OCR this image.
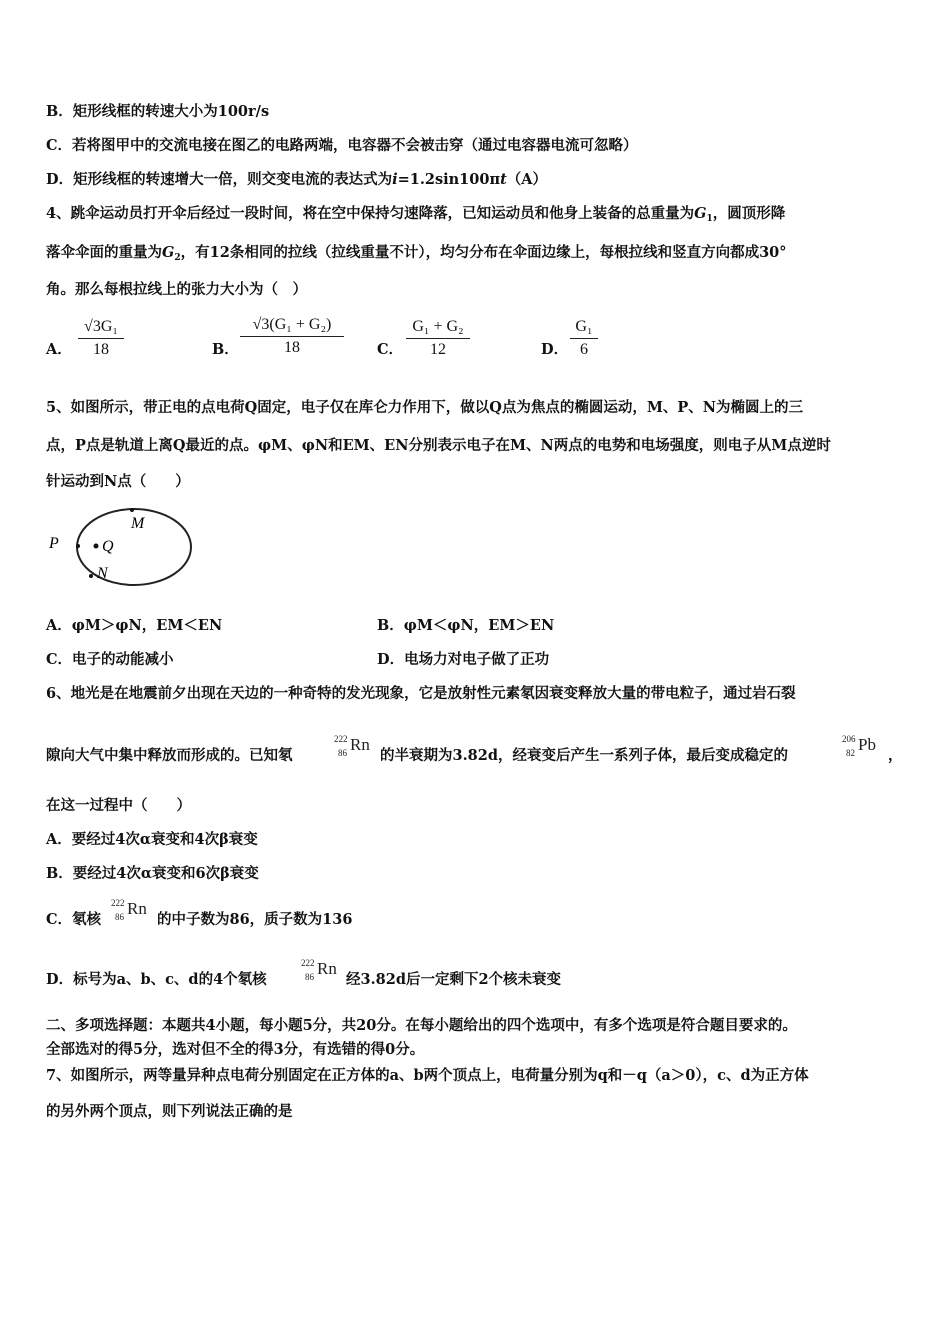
B．矩形线框的转速大小为100r/s
C．若将图甲中的交流电接在图乙的电路两端，电容器不会被击穿（通过电容器电流可忽略）
D．矩形线框的转速增大一倍，则交变电流的表达式为i=1.2sin100πt（A）
4、跳伞运动员打开伞后经过一段时间，将在空中保持匀速降落，已知运动员和他身上装备的总重量为$G_1$，圆顶形降
落伞伞面的重量为$G_2$，有12条相同的拉线（拉线重量不计），均匀分布在伞面边缘上，每根拉线和竖直方向都成30°
角。那么每根拉线上的张力大小为（　）
A． $\frac{\text{√3G₁}}{18}$	B． $\frac{\text{√3(G₁ + G₂)}}{18}$ C． $\frac{\text{G₁ + G₂}}{12}$	D． $\frac{\text{G₁}}{6}$
5、如图所示，带正电的点电荷Q固定，电子仅在库仑力作用下，做以Q点为焦点的椭圆运动，M、P、N为椭圆上的三
点，P点是轨道上离Q最近的点。φM、φN和EM、EN分别表示电子在M、N两点的电势和电场强度，则电子从M点逆时
针运动到N点（　　）
P	Q
M
N
A．φM＞φN，EM＜EN	B．φM＜φN，EM＞EN
C．电子的动能减小	D．电场力对电子做了正功
6、地光是在地震前夕出现在天边的一种奇特的发光现象，它是放射性元素氡因衰变释放大量的带电粒子，通过岩石裂
隙向大气中集中释放而形成的。已知氡
222
86 Rn
的半衰期为3.82d，经衰变后产生一系列子体，最后变成稳定的
206
82 Pb
，
在这一过程中（　　）
A．要经过4次α衰变和4次β衰变
B．要经过4次α衰变和6次β衰变
C．氡核
222
86 Rn
的中子数为86，质子数为136
D．标号为a、b、c、d的4个氡核
222
86 Rn
经3.82d后一定剩下2个核未衰变
二、多项选择题：本题共4小题，每小题5分，共20分。在每小题给出的四个选项中，有多个选项是符合题目要求的。
全部选对的得5分，选对但不全的得3分，有选错的得0分。
7、如图所示，两等量异种点电荷分别固定在正方体的a、b两个顶点上，电荷量分别为q和－q（a＞0），c、d为正方体
的另外两个顶点，则下列说法正确的是
